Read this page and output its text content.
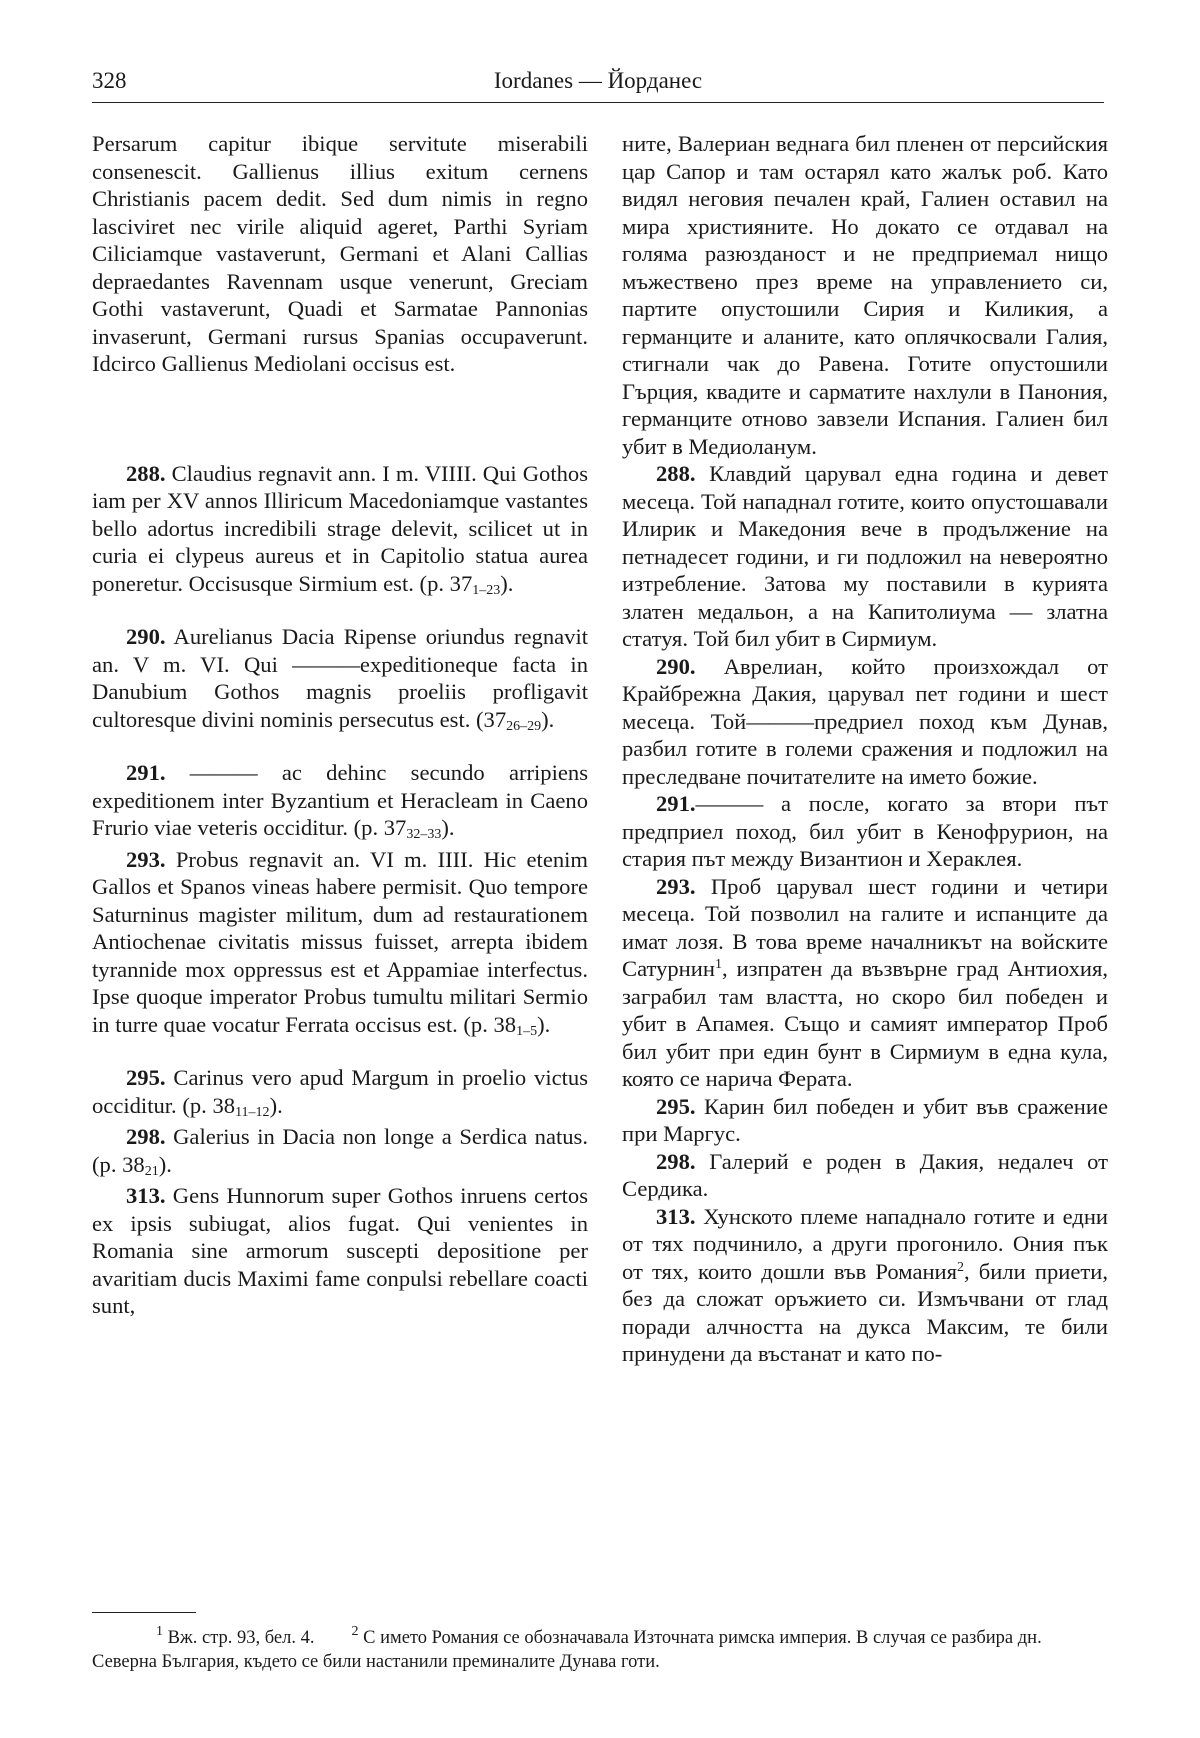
328	Iordanes — Йорданес

Persarum capitur ibique servitute miserabili consenescit. Gallienus illius exitum cernens Christianis pacem dedit. Sed dum nimis in regno lasciviret nec virile aliquid ageret, Parthi Syriam Ciliciamque vastaverunt, Germani et Alani Callias depraedantes Ravennam usque venerunt, Greciam Gothi vastaverunt, Quadi et Sarmatae Pannonias invaserunt, Germani rursus Spanias occupaverunt. Idcirco Gallienus Mediolani occisus est.

288. Claudius regnavit ann. I m. VIIII. Qui Gothos iam per XV annos Illiricum Macedoniamque vastantes bello adortus incredibili strage delevit, scilicet ut in curia ei clypeus aureus et in Capitolio statua aurea poneretur. Occisusque Sirmium est. (p. $37_{1-23}$).

290. Aurelianus Dacia Ripense oriundus regnavit an. V m. VI. Qui ———expeditioneque facta in Danubium Gothos magnis proeliis profligavit cultoresque divini nominis persecutus est. $(37_{26-29})$.

291. ——— ac dehinc secundo arripiens expeditionem inter Byzantium et Heracleam in Caeno Frurio viae veteris occiditur. (p. $37_{32-33}$).

293. Probus regnavit an. VI m. IIII. Hic etenim Gallos et Spanos vineas habere permisit. Quo tempore Saturninus magister militum, dum ad restaurationem Antiochenae civitatis missus fuisset, arrepta ibidem tyrannide mox oppressus est et Appamiae interfectus. Ipse quoque imperator Probus tumultu militari Sermio in turre quae vocatur Ferrata occisus est. (p. $38_{1-5}$).

295. Carinus vero apud Margum in proelio victus occiditur. (p. $38_{11-12}$).

298. Galerius in Dacia non longe a Serdica natus. (p. $38_{21}$).

313. Gens Hunnorum super Gothos inruens certos ex ipsis subiugat, alios fugat. Qui venientes in Romania sine armorum suscepti depositione per avaritiam ducis Maximi fame conpulsi rebellare coacti sunt,

ните, Валериан веднага бил пленен от персийския цар Сапор и там остарял като жалък роб. Като видял неговия печален край, Галиен оставил на мира християните. Но докато се отдавал на голяма разюзданост и не предприемал нищо мъжествено през време на управлението си, партите опустошили Сирия и Киликия, а германците и аланите, като оплячкосвали Галия, стигнали чак до Равена. Готите опустошили Гърция, квадите и сарматите нахлули в Панония, германците отново завзели Испания. Галиен бил убит в Медиоланум.

288. Клавдий царувал една година и девет месеца. Той нападнал готите, които опустошавали Илирик и Македония вече в продължение на петнадесет години, и ги подложил на невероятно изтребление. Затова му поставили в курията златен медальон, а на Капитолиума — златна статуя. Той бил убит в Сирмиум.

290. Аврелиан, който произхождал от Крайбрежна Дакия, царувал пет години и шест месеца. Той———предриел поход към Дунав, разбил готите в големи сражения и подложил на преследване почитателите на името божие.

291.——— а после, когато за втори път предприел поход, бил убит в Кенофрурион, на стария път между Византион и Хераклея.

293. Проб царувал шест години и четири месеца. Той позволил на галите и испанците да имат лозя. В това време началникът на войските Сатурнин$^1$, изпратен да възвърне град Антиохия, заграбил там властта, но скоро бил победен и убит в Апамея. Също и самият император Проб бил убит при един бунт в Сирмиум в една кула, която се нарича Ферата.

295. Карин бил победен и убит във сражение при Маргус.

298. Галерий е роден в Дакия, недалеч от Сердика.

313. Хунското племе нападнало готите и едни от тях подчинило, а други прогонило. Ония пък от тях, които дошли във Романия$^2$, били приети, без да сложат оръжието си. Измъчвани от глад поради алчността на дукса Максим, те били принудени да въстанат и като по-

$^1$ Вж. стр. 93, бел. 4.	$^2$ С името Романия се обозначавала Източната римска империя. В случая се разбира дн. Северна България, където се били настанили преминалите Дунава готи.
